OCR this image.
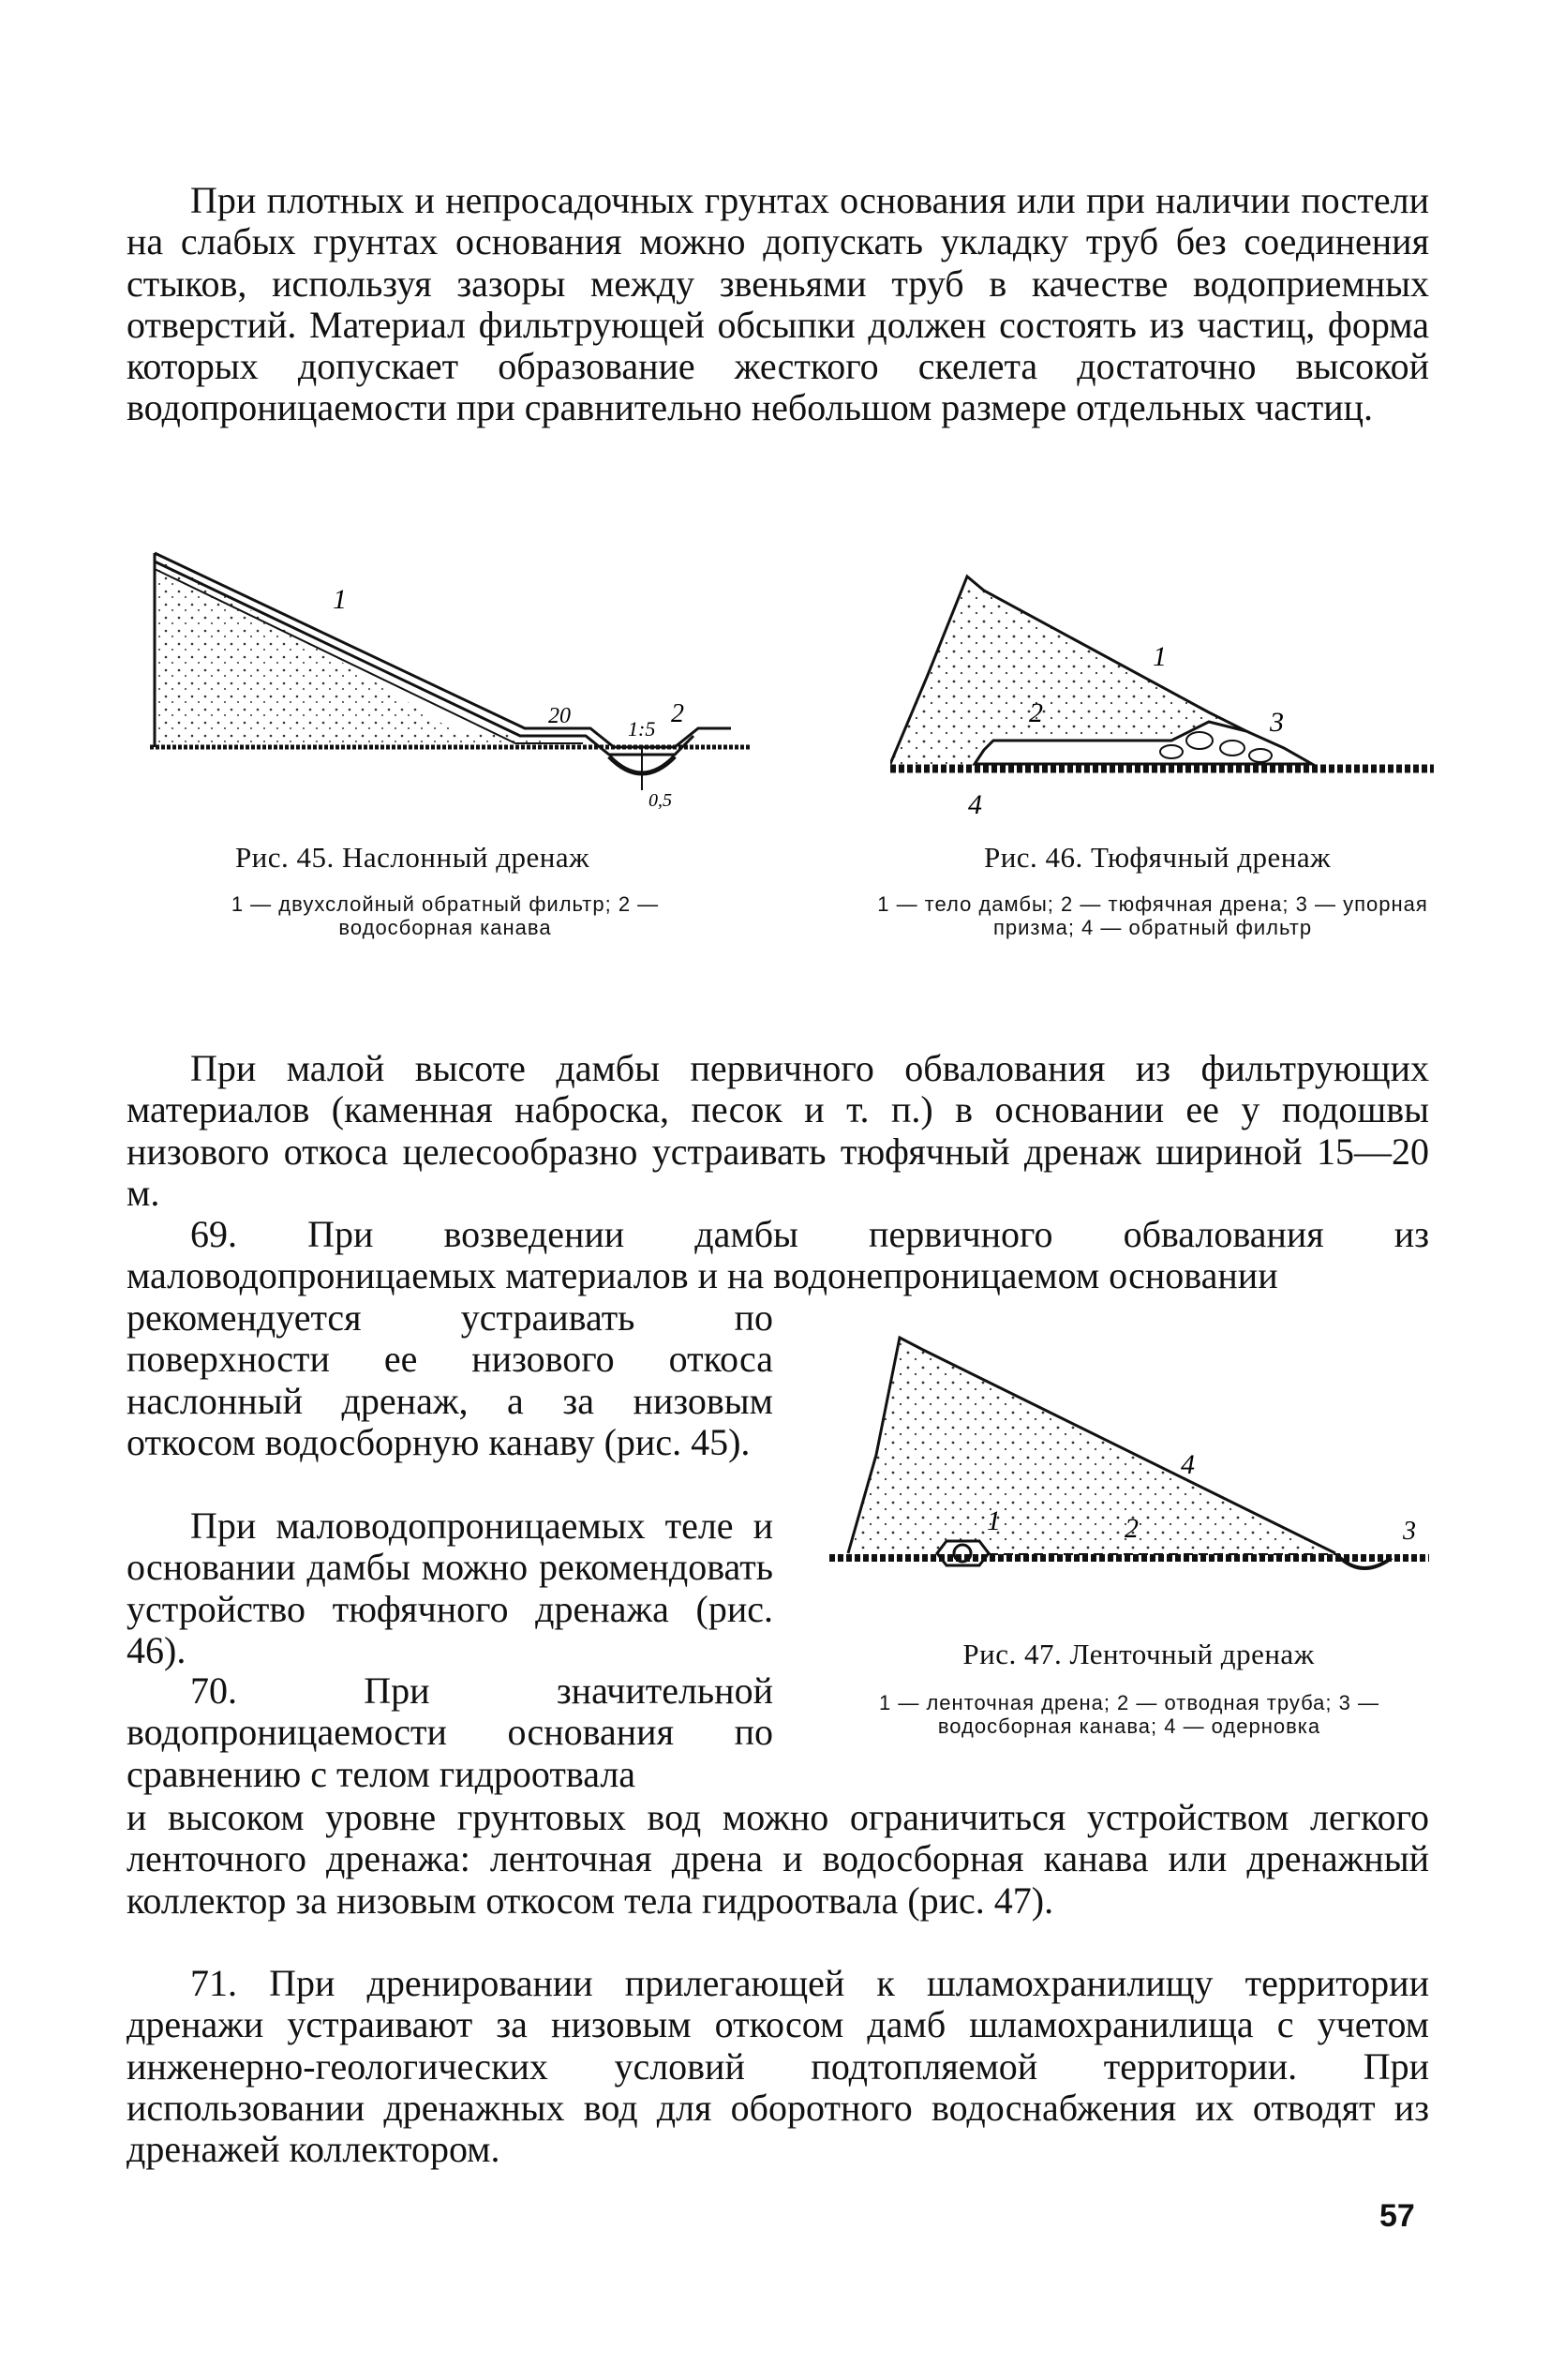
При плотных и непросадочных грунтах основания или при наличии постели на слабых грунтах основания можно допускать укладку труб без соединения стыков, используя зазоры между звеньями труб в качестве водоприемных отверстий. Материал фильтрующей обсыпки должен состоять из частиц, форма которых допускает образование жесткого скелета достаточно высокой водопроницаемости при сравнительно небольшом размере отдельных частиц.

1
20
1:5
2
0,5
Рис. 45. Наслонный дренаж
1 — двухслойный обратный фильтр; 2 — водосборная канава
1
2	3
4
Рис. 46. Тюфячный дренаж
1 — тело дамбы; 2 — тюфячная дрена; 3 — упорная призма; 4 — обратный фильтр

При малой высоте дамбы первичного обвалования из фильтрующих материалов (каменная наброска, песок и т. п.) в основании ее у подошвы низового откоса целесообразно устраивать тюфячный дренаж шириной 15—20 м.

69. При возведении дамбы первичного обвалования из маловодопроницаемых материалов и на водонепроницаемом основании

рекомендуется устраивать по поверхности ее низового откоса наслонный дренаж, а за низовым откосом водосборную канаву (рис. 45).

При маловодопроницаемых теле и основании дамбы можно рекомендовать устройство тюфячного дренажа (рис. 46).

70. При значительной водопроницаемости основания по сравнению с телом гидроотвала

и высоком уровне грунтовых вод можно ограничиться устройством легкого ленточного дренажа: ленточная дрена и водосборная канава или дренажный коллектор за низовым откосом тела гидроотвала (рис. 47).

4
1	2	3
Рис. 47. Ленточный дренаж
1 — ленточная дрена; 2 — отводная труба; 3 — водосборная канава; 4 — одерновка

71. При дренировании прилегающей к шламохранилищу территории дренажи устраивают за низовым откосом дамб шламохранилища с учетом инженерно-геологических условий подтопляемой территории. При использовании дренажных вод для оборотного водоснабжения их отводят из дренажей коллектором.

57
